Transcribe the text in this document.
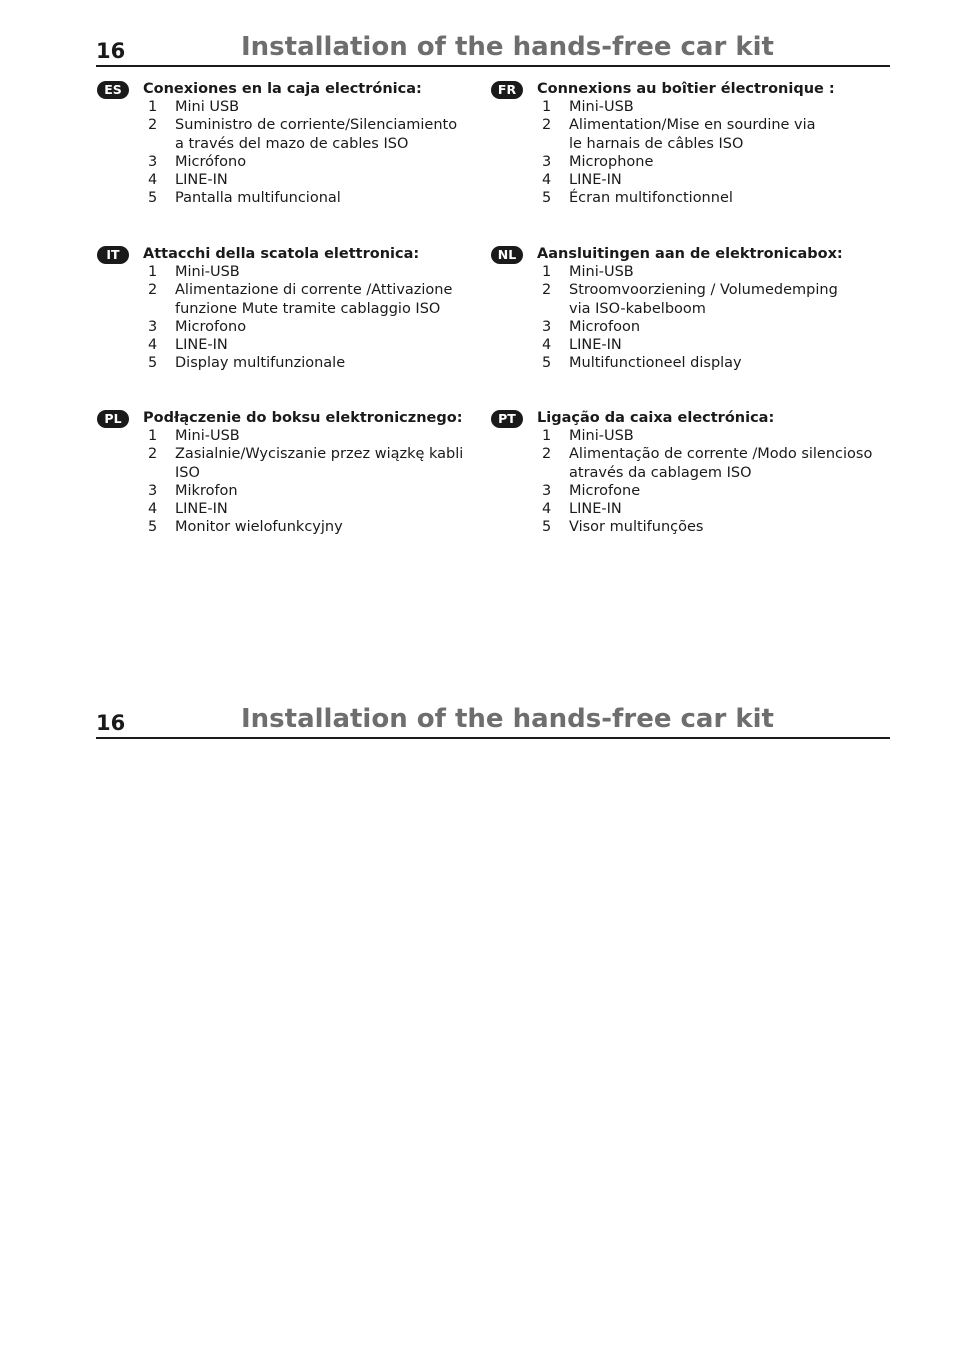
16	Installation of the hands-free car kit
16	Installation of the hands-free car kit
ES	Conexiones en la caja electrónica:
1 Mini USB
2 Suministro de corriente/Silenciamiento
a través del mazo de cables ISO
3 Micrófono
4 LINE-IN
5 Pantalla multifuncional
FR	Connexions au boîtier électronique :
1 Mini-USB
2 Alimentation/Mise en sourdine via
le harnais de câbles ISO
3 Microphone
4 LINE-IN
5 Écran multifonctionnel
IT	Attacchi della scatola elettronica:
1 Mini-USB
2 Alimentazione di corrente /Attivazione
funzione Mute tramite cablaggio ISO
3 Microfono
4 LINE-IN
5 Display multifunzionale
NL	Aansluitingen aan de elektronicabox:
1 Mini-USB
2 Stroomvoorziening / Volumedemping
via ISO-kabelboom
3 Microfoon
4 LINE-IN
5 Multifunctioneel display
PL	Podłączenie do boksu elektronicznego:
1 Mini-USB
2 Zasialnie/Wyciszanie przez wiązkę kabli
ISO
3 Mikrofon
4 LINE-IN
5 Monitor wielofunkcyjny
PT	Ligação da caixa electrónica:
1 Mini-USB
2 Alimentação de corrente /Modo silencioso
através da cablagem ISO
3 Microfone
4 LINE-IN
5 Visor multifunções
